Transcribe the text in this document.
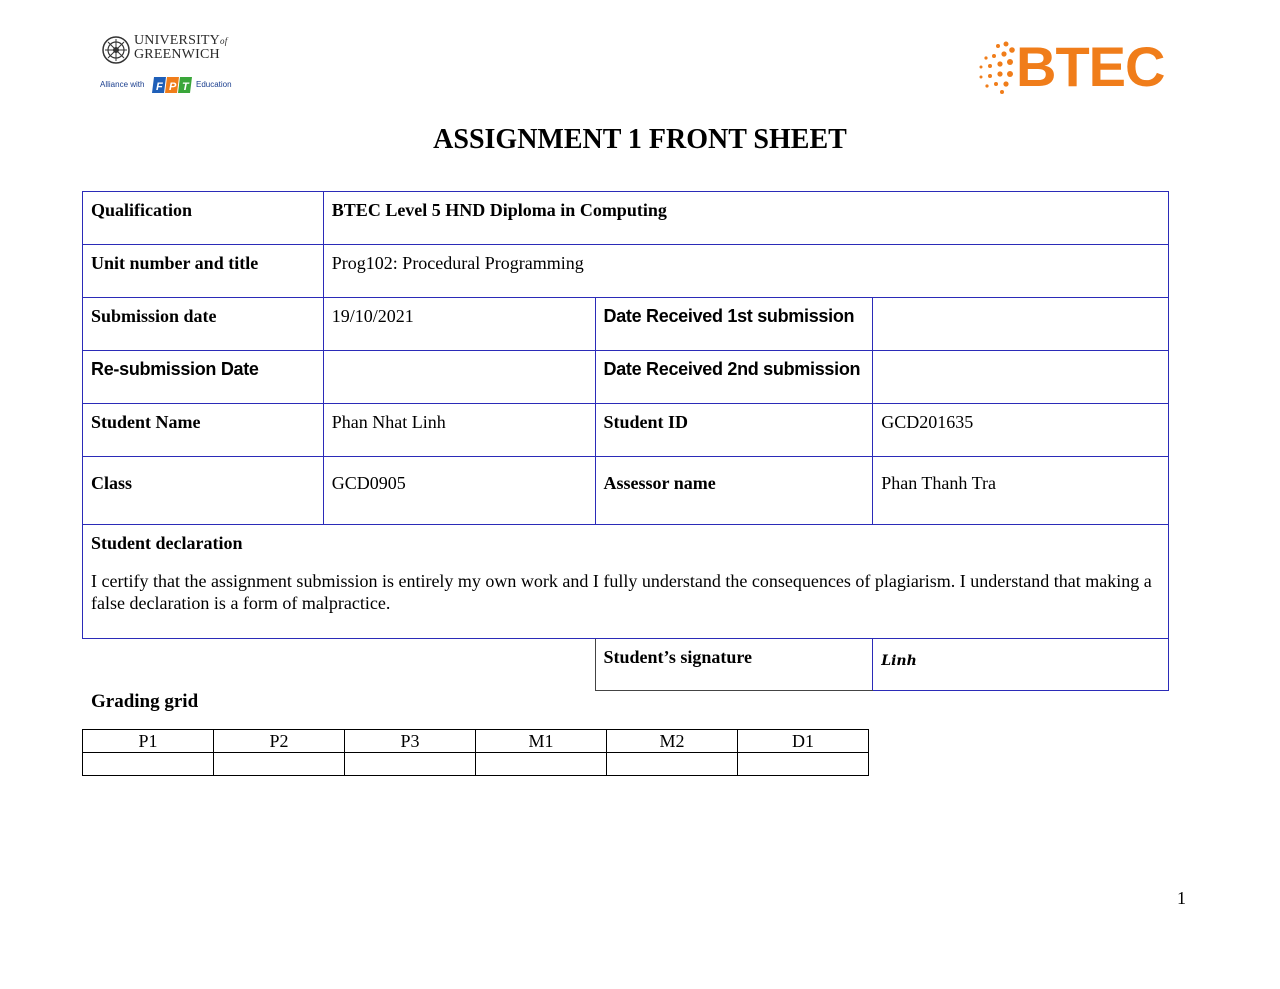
UNIVERSITYof
GREENWICH
Alliance with F P T Education	BTEC
ASSIGNMENT 1 FRONT SHEET
Qualification	BTEC Level 5 HND Diploma in Computing		
Unit number and title	Prog102: Procedural Programming		
Submission date	19/10/2021	Date Received 1st submission	
Re-submission Date		Date Received 2nd submission	
Student Name	Phan Nhat Linh	Student ID	GCD201635
Class	GCD0905	Assessor name	Phan Thanh Tra

Student declaration
I certify that the assignment submission is entirely my own work and I fully understand the consequences of plagiarism. I understand that making a false declaration is a form of malpractice.			

		Student’s signature	Linh
Grading grid
P1	P2	P3	M1	M2	D1

1
